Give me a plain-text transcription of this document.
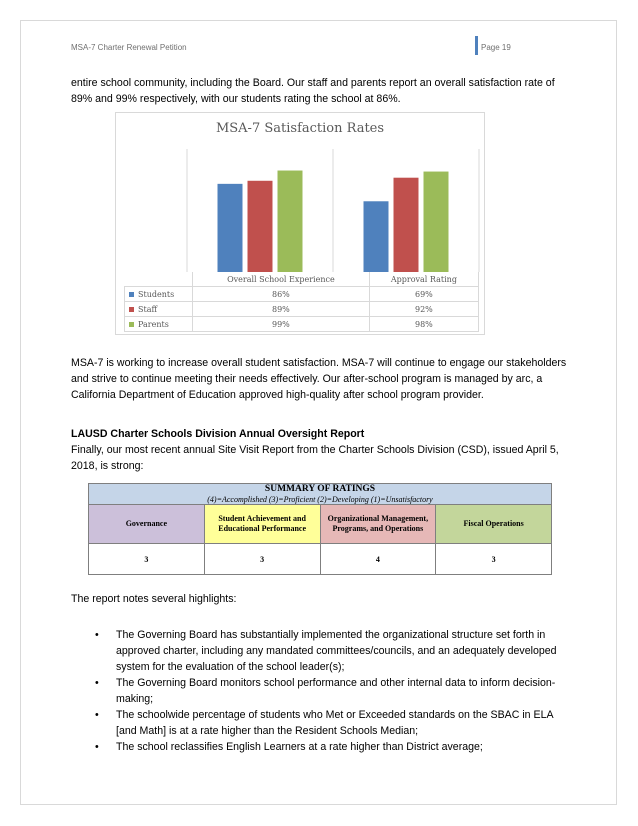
MSA-7 Charter Renewal Petition	Page 19

entire school community, including the Board. Our staff and parents report an overall satisfaction rate of 89% and 99% respectively, with our students rating the school at 86%.

MSA-7 Satisfaction Rates
	Overall School Experience	Approval Rating
Students	86%	69%
Staff	89%	92%
Parents	99%	98%

MSA-7 is working to increase overall student satisfaction. MSA-7 will continue to engage our stakeholders and strive to continue meeting their needs effectively. Our after-school program is managed by arc, a California Department of Education approved high-quality after school program provider.

LAUSD Charter Schools Division Annual Oversight Report

Finally, our most recent annual Site Visit Report from the Charter Schools Division (CSD), issued April 5, 2018, is strong:

SUMMARY OF RATINGS
(4)=Accomplished (3)=Proficient (2)=Developing (1)=Unsatisfactory			

Governance	Student Achievement and Educational Performance	Organizational Management, Programs, and Operations	Fiscal Operations
3	3	4	3

The report notes several highlights:

• The Governing Board has substantially implemented the organizational structure set forth in approved charter, including any mandated committees/councils, and an adequately developed system for the evaluation of the school leader(s);
• The Governing Board monitors school performance and other internal data to inform decision-making;
• The schoolwide percentage of students who Met or Exceeded standards on the SBAC in ELA [and Math] is at a rate higher than the Resident Schools Median;
• The school reclassifies English Learners at a rate higher than District average;
